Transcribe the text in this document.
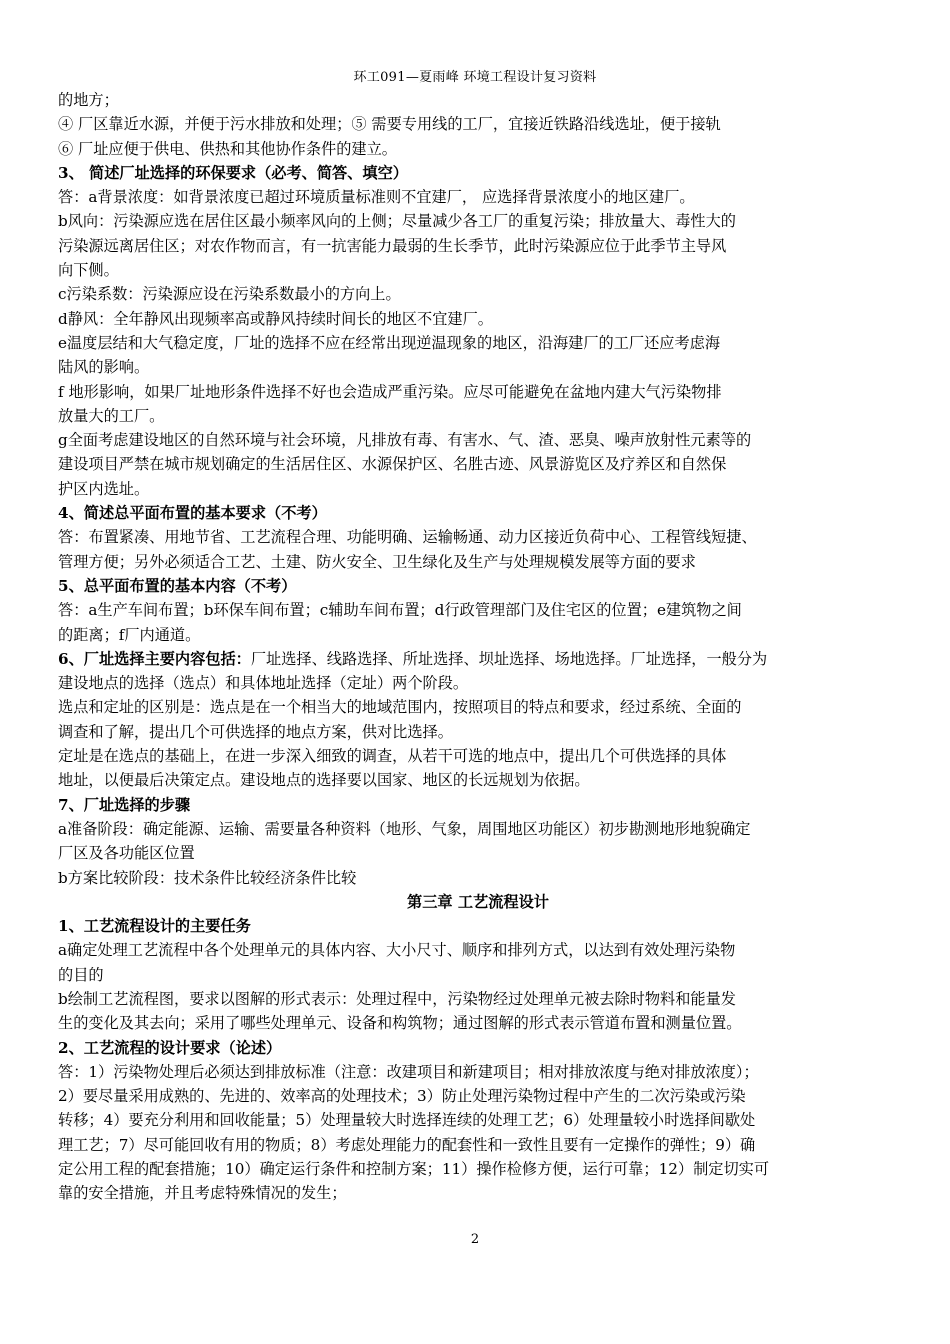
环工091—夏雨峰 环境工程设计复习资料

的地方；

④ 厂区靠近水源，并便于污水排放和处理；⑤ 需要专用线的工厂，宜接近铁路沿线选址，便于接轨

⑥ 厂址应便于供电、供热和其他协作条件的建立。

3、 简述厂址选择的环保要求（必考、简答、填空）

答：a背景浓度：如背景浓度已超过环境质量标准则不宜建厂， 应选择背景浓度小的地区建厂。

b风向：污染源应选在居住区最小频率风向的上侧；尽量减少各工厂的重复污染；排放量大、毒性大的

污染源远离居住区；对农作物而言，有一抗害能力最弱的生长季节，此时污染源应位于此季节主导风

向下侧。

c污染系数：污染源应设在污染系数最小的方向上。

d静风：全年静风出现频率高或静风持续时间长的地区不宜建厂。

e温度层结和大气稳定度，厂址的选择不应在经常出现逆温现象的地区，沿海建厂的工厂还应考虑海

陆风的影响。

f 地形影响，如果厂址地形条件选择不好也会造成严重污染。应尽可能避免在盆地内建大气污染物排

放量大的工厂。

g全面考虑建设地区的自然环境与社会环境，凡排放有毒、有害水、气、渣、恶臭、噪声放射性元素等的

建设项目严禁在城市规划确定的生活居住区、水源保护区、名胜古迹、风景游览区及疗养区和自然保

护区内选址。

4、简述总平面布置的基本要求（不考）

答：布置紧凑、用地节省、工艺流程合理、功能明确、运输畅通、动力区接近负荷中心、工程管线短捷、

管理方便；另外必须适合工艺、土建、防火安全、卫生绿化及生产与处理规模发展等方面的要求

5、总平面布置的基本内容（不考）

答：a生产车间布置；b环保车间布置；c辅助车间布置；d行政管理部门及住宅区的位置；e建筑物之间

的距离；f厂内通道。

6、厂址选择主要内容包括：厂址选择、线路选择、所址选择、坝址选择、场地选择。厂址选择，一般分为

建设地点的选择（选点）和具体地址选择（定址）两个阶段。

选点和定址的区别是：选点是在一个相当大的地域范围内，按照项目的特点和要求，经过系统、全面的

调查和了解，提出几个可供选择的地点方案，供对比选择。

定址是在选点的基础上，在进一步深入细致的调查，从若干可选的地点中，提出几个可供选择的具体

地址，以便最后决策定点。建设地点的选择要以国家、地区的长远规划为依据。

7、厂址选择的步骤

a准备阶段：确定能源、运输、需要量各种资料（地形、气象，周围地区功能区）初步勘测地形地貌确定

厂区及各功能区位置

b方案比较阶段：技术条件比较经济条件比较

第三章 工艺流程设计

1、工艺流程设计的主要任务

a确定处理工艺流程中各个处理单元的具体内容、大小尺寸、顺序和排列方式，以达到有效处理污染物

的目的

b绘制工艺流程图，要求以图解的形式表示：处理过程中，污染物经过处理单元被去除时物料和能量发

生的变化及其去向；采用了哪些处理单元、设备和构筑物；通过图解的形式表示管道布置和测量位置。

2、工艺流程的设计要求（论述）

答：1）污染物处理后必须达到排放标准（注意：改建项目和新建项目；相对排放浓度与绝对排放浓度）；

2）要尽量采用成熟的、先进的、效率高的处理技术；3）防止处理污染物过程中产生的二次污染或污染

转移；4）要充分利用和回收能量；5）处理量较大时选择连续的处理工艺；6）处理量较小时选择间歇处

理工艺；7）尽可能回收有用的物质；8）考虑处理能力的配套性和一致性且要有一定操作的弹性；9）确

定公用工程的配套措施；10）确定运行条件和控制方案；11）操作检修方便，运行可靠；12）制定切实可

靠的安全措施，并且考虑特殊情况的发生；

2
